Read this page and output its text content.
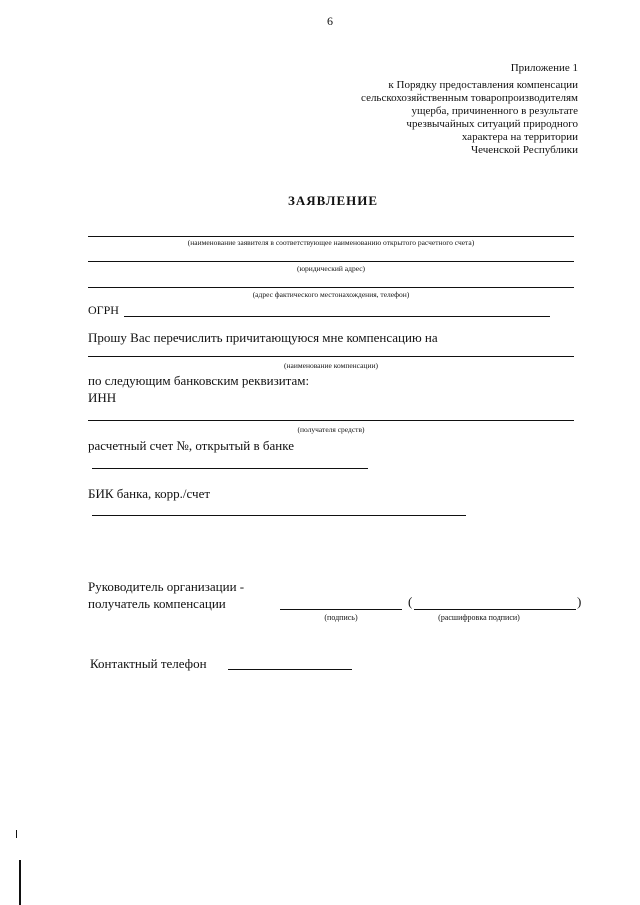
6
Приложение 1
к Порядку предоставления компенсации
сельскохозяйственным товаропроизводителям
ущерба, причиненного в результате
чрезвычайных ситуаций природного
характера на территории
Чеченской Республики
ЗАЯВЛЕНИЕ
(наименование заявителя в соответствующее наименованию открытого расчетного счета)
(юридический адрес)
(адрес фактического местонахождения, телефон)
ОГРН
Прошу Вас перечислить причитающуюся мне компенсацию на
(наименование компенсации)
по следующим банковским реквизитам:
ИНН
(получателя средств)
расчетный счет №, открытый в банке
БИК банка, корр./счет
Руководитель организации -
получатель компенсации
(подпись)
(	)
(расшифровка подписи)
Контактный телефон
